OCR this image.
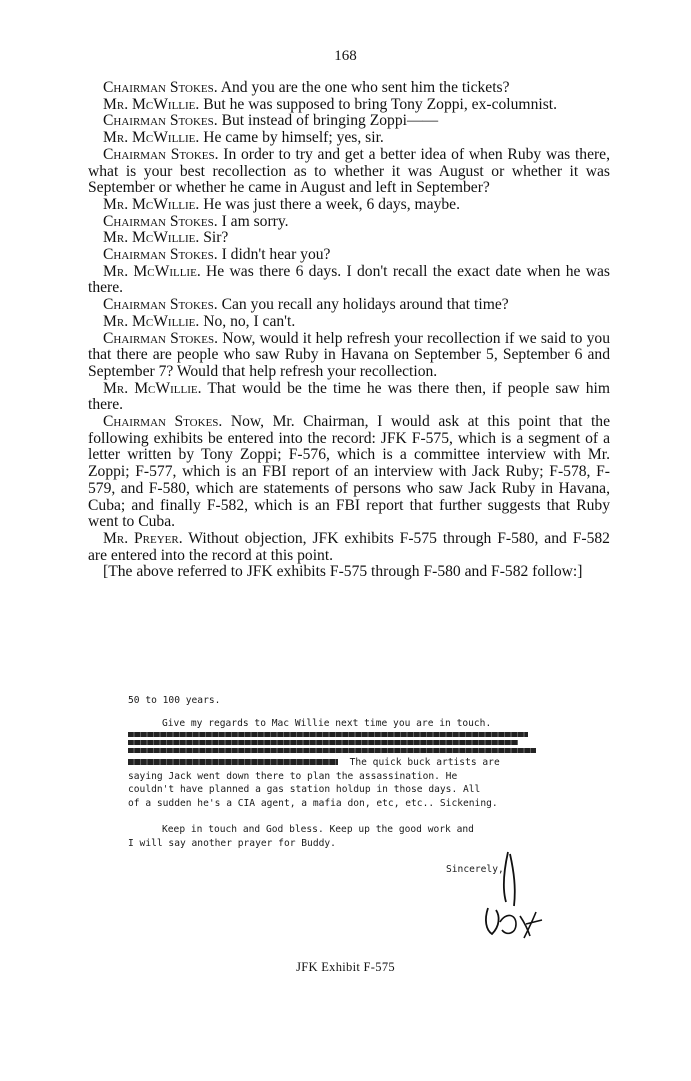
168

Chairman Stokes. And you are the one who sent him the tickets?

Mr. McWillie. But he was supposed to bring Tony Zoppi, ex-columnist.

Chairman Stokes. But instead of bringing Zoppi——

Mr. McWillie. He came by himself; yes, sir.

Chairman Stokes. In order to try and get a better idea of when Ruby was there, what is your best recollection as to whether it was August or whether it was September or whether he came in August and left in September?

Mr. McWillie. He was just there a week, 6 days, maybe.

Chairman Stokes. I am sorry.

Mr. McWillie. Sir?

Chairman Stokes. I didn't hear you?

Mr. McWillie. He was there 6 days. I don't recall the exact date when he was there.

Chairman Stokes. Can you recall any holidays around that time?

Mr. McWillie. No, no, I can't.

Chairman Stokes. Now, would it help refresh your recollection if we said to you that there are people who saw Ruby in Havana on September 5, September 6 and September 7? Would that help refresh your recollection.

Mr. McWillie. That would be the time he was there then, if people saw him there.

Chairman Stokes. Now, Mr. Chairman, I would ask at this point that the following exhibits be entered into the record: JFK F-575, which is a segment of a letter written by Tony Zoppi; F-576, which is a committee interview with Mr. Zoppi; F-577, which is an FBI report of an interview with Jack Ruby; F-578, F-579, and F-580, which are statements of persons who saw Jack Ruby in Havana, Cuba; and finally F-582, which is an FBI report that further suggests that Ruby went to Cuba.

Mr. Preyer. Without objection, JFK exhibits F-575 through F-580, and F-582 are entered into the record at this point.

[The above referred to JFK exhibits F-575 through F-580 and F-582 follow:]

50 to 100 years.
Give my regards to Mac Willie next time you are in touch.
The quick buck artists are
saying Jack went down there to plan the assassination. He
couldn't have planned a gas station holdup in those days. All
of a sudden he's a CIA agent, a mafia don, etc, etc.. Sickening.
Keep in touch and God bless. Keep up the good work and
I will say another prayer for Buddy.
Sincerely,
JFK Exhibit F-575
